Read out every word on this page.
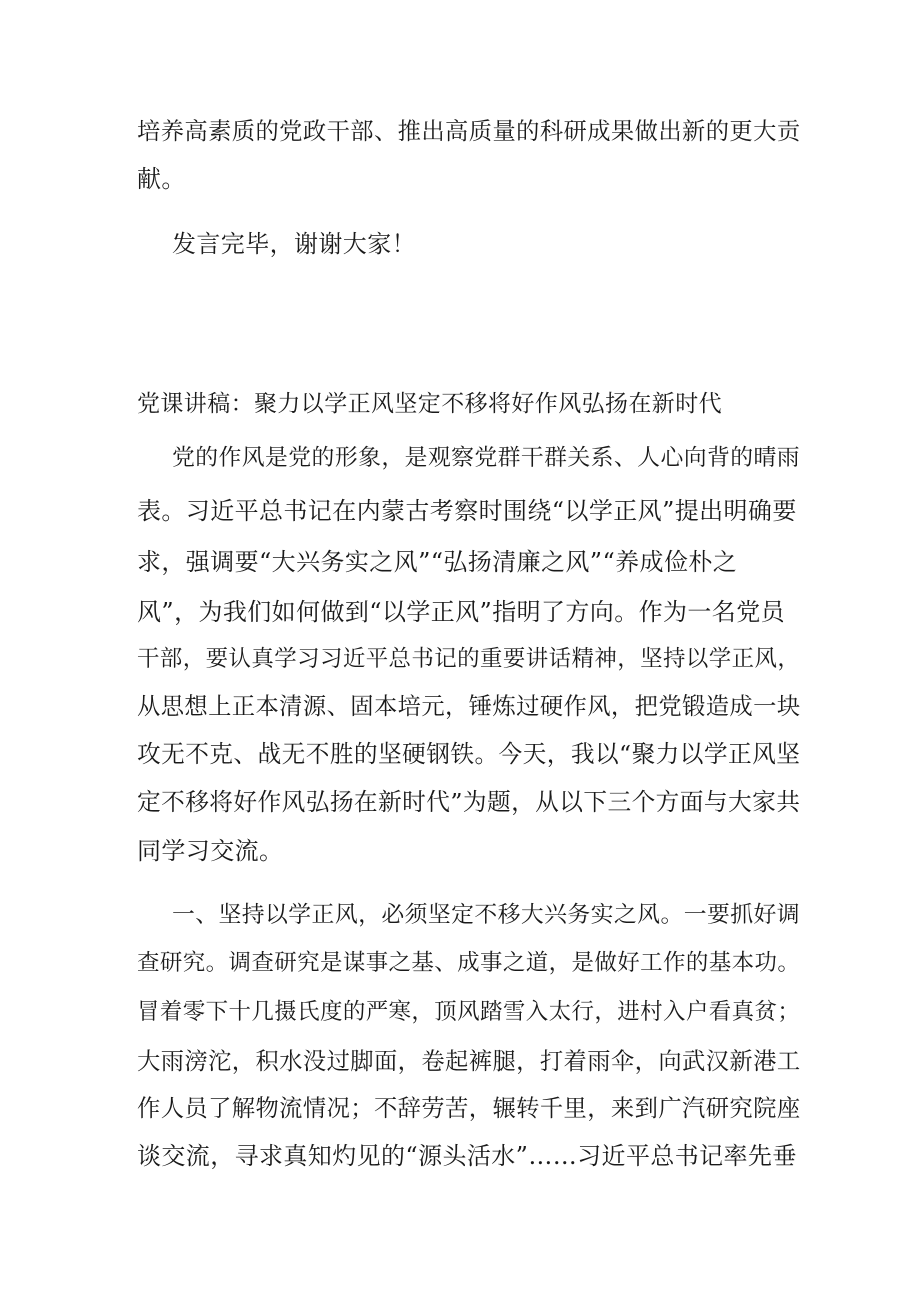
培养高素质的党政干部、推出高质量的科研成果做出新的更大贡
献。
发言完毕，谢谢大家！
党课讲稿：聚力以学正风坚定不移将好作风弘扬在新时代
党的作风是党的形象，是观察党群干群关系、人心向背的晴雨
表。习近平总书记在内蒙古考察时围绕“以学正风”提出明确要
求，强调要“大兴务实之风”“弘扬清廉之风”“养成俭朴之
风”，为我们如何做到“以学正风”指明了方向。作为一名党员
干部，要认真学习习近平总书记的重要讲话精神，坚持以学正风，
从思想上正本清源、固本培元，锤炼过硬作风，把党锻造成一块
攻无不克、战无不胜的坚硬钢铁。今天，我以“聚力以学正风坚
定不移将好作风弘扬在新时代”为题，从以下三个方面与大家共
同学习交流。
一、坚持以学正风，必须坚定不移大兴务实之风。一要抓好调
查研究。调查研究是谋事之基、成事之道，是做好工作的基本功。
冒着零下十几摄氏度的严寒，顶风踏雪入太行，进村入户看真贫；
大雨滂沱，积水没过脚面，卷起裤腿，打着雨伞，向武汉新港工
作人员了解物流情况；不辞劳苦，辗转千里，来到广汽研究院座
谈交流，寻求真知灼见的“源头活水”……习近平总书记率先垂
